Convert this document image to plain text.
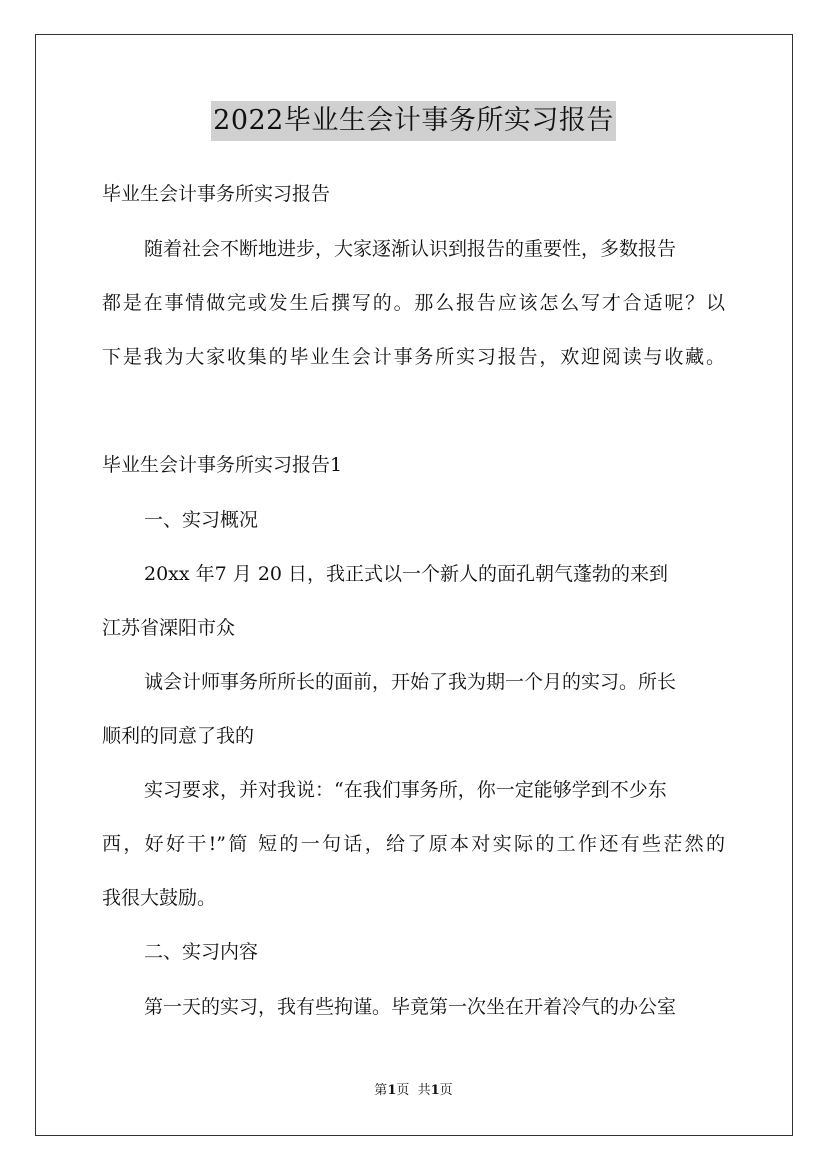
2022毕业生会计事务所实习报告
毕业生会计事务所实习报告
随着社会不断地进步，大家逐渐认识到报告的重要性，多数报告
都是在事情做完或发生后撰写的。那么报告应该怎么写才合适呢？以
下是我为大家收集的毕业生会计事务所实习报告，欢迎阅读与收藏。
毕业生会计事务所实习报告1
一、实习概况
20xx 年7 月 20 日，我正式以一个新人的面孔朝气蓬勃的来到
江苏省溧阳市众
诚会计师事务所所长的面前，开始了我为期一个月的实习。所长
顺利的同意了我的
实习要求，并对我说：“在我们事务所，你一定能够学到不少东
西，好好干!”简 短的一句话，给了原本对实际的工作还有些茫然的
我很大鼓励。
二、实习内容
第一天的实习，我有些拘谨。毕竟第一次坐在开着冷气的办公室
第1页  共1页
